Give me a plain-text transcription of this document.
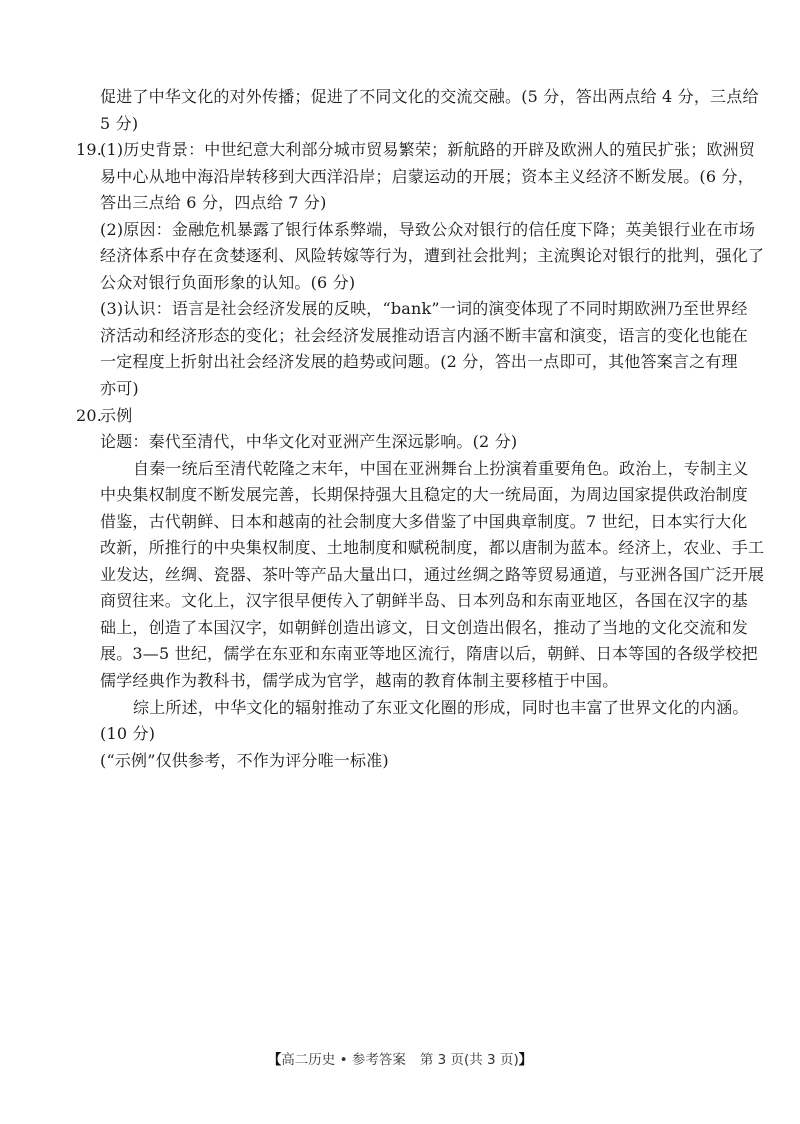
促进了中华文化的对外传播；促进了不同文化的交流交融。(5 分，答出两点给 4 分，三点给
5 分)
19.(1)历史背景：中世纪意大利部分城市贸易繁荣；新航路的开辟及欧洲人的殖民扩张；欧洲贸
易中心从地中海沿岸转移到大西洋沿岸；启蒙运动的开展；资本主义经济不断发展。(6 分，
答出三点给 6 分，四点给 7 分)
(2)原因：金融危机暴露了银行体系弊端，导致公众对银行的信任度下降；英美银行业在市场
经济体系中存在贪婪逐利、风险转嫁等行为，遭到社会批判；主流舆论对银行的批判，强化了
公众对银行负面形象的认知。(6 分)
(3)认识：语言是社会经济发展的反映，“bank”一词的演变体现了不同时期欧洲乃至世界经
济活动和经济形态的变化；社会经济发展推动语言内涵不断丰富和演变，语言的变化也能在
一定程度上折射出社会经济发展的趋势或问题。(2 分，答出一点即可，其他答案言之有理
亦可)
20.示例
论题：秦代至清代，中华文化对亚洲产生深远影响。(2 分)
自秦一统后至清代乾隆之末年，中国在亚洲舞台上扮演着重要角色。政治上，专制主义
中央集权制度不断发展完善，长期保持强大且稳定的大一统局面，为周边国家提供政治制度
借鉴，古代朝鲜、日本和越南的社会制度大多借鉴了中国典章制度。7 世纪，日本实行大化
改新，所推行的中央集权制度、土地制度和赋税制度，都以唐制为蓝本。经济上，农业、手工
业发达，丝绸、瓷器、茶叶等产品大量出口，通过丝绸之路等贸易通道，与亚洲各国广泛开展
商贸往来。文化上，汉字很早便传入了朝鲜半岛、日本列岛和东南亚地区，各国在汉字的基
础上，创造了本国汉字，如朝鲜创造出谚文，日文创造出假名，推动了当地的文化交流和发
展。3—5 世纪，儒学在东亚和东南亚等地区流行，隋唐以后，朝鲜、日本等国的各级学校把
儒学经典作为教科书，儒学成为官学，越南的教育体制主要移植于中国。
综上所述，中华文化的辐射推动了东亚文化圈的形成，同时也丰富了世界文化的内涵。
(10 分)
(“示例”仅供参考，不作为评分唯一标准)
【高二历史 • 参考答案 第 3 页(共 3 页)】
